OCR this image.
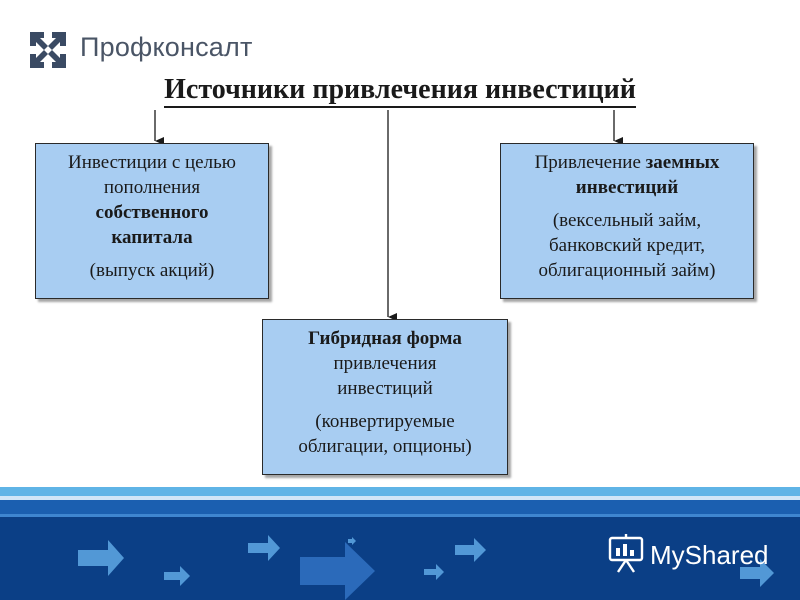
Профконсалт
Источники привлечения инвестиций
Инвестиции с целью
пополнения
собственного
капитала
(выпуск акций)
Привлечение заемных
инвестиций
(вексельный займ,
банковский кредит,
облигационный займ)
Гибридная форма
привлечения
инвестиций
(конвертируемые
облигации, опционы)
MyShared
